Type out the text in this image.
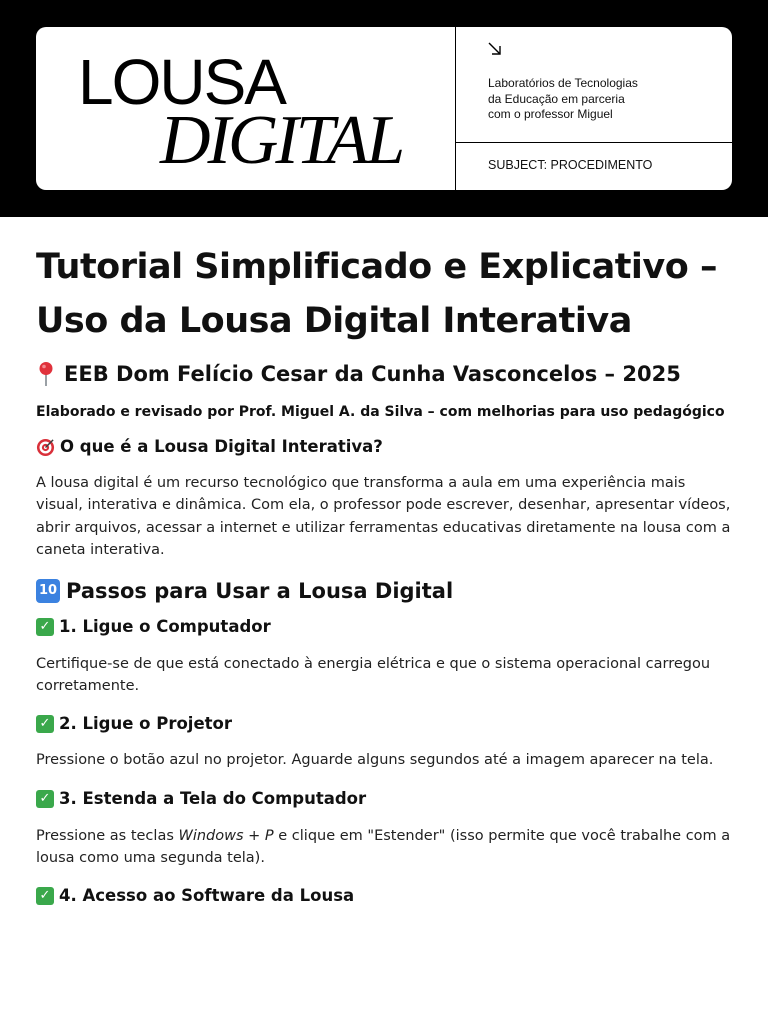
LOUSA
DIGITAL
Laboratórios de Tecnologias
da Educação em parceria
com o professor Miguel
SUBJECT: PROCEDIMENTO
Tutorial Simplificado e Explicativo – Uso da Lousa Digital Interativa
EEB Dom Felício Cesar da Cunha Vasconcelos – 2025
Elaborado e revisado por Prof. Miguel A. da Silva – com melhorias para uso pedagógico
O que é a Lousa Digital Interativa?

A lousa digital é um recurso tecnológico que transforma a aula em uma experiência mais visual, interativa e dinâmica. Com ela, o professor pode escrever, desenhar, apresentar vídeos, abrir arquivos, acessar a internet e utilizar ferramentas educativas diretamente na lousa com a caneta interativa.

10 Passos para Usar a Lousa Digital
✓ 1. Ligue o Computador

Certifique-se de que está conectado à energia elétrica e que o sistema operacional carregou corretamente.

✓ 2. Ligue o Projetor

Pressione o botão azul no projetor. Aguarde alguns segundos até a imagem aparecer na tela.

✓ 3. Estenda a Tela do Computador

Pressione as teclas Windows + P e clique em "Estender" (isso permite que você trabalhe com a lousa como uma segunda tela).

✓ 4. Acesso ao Software da Lousa
